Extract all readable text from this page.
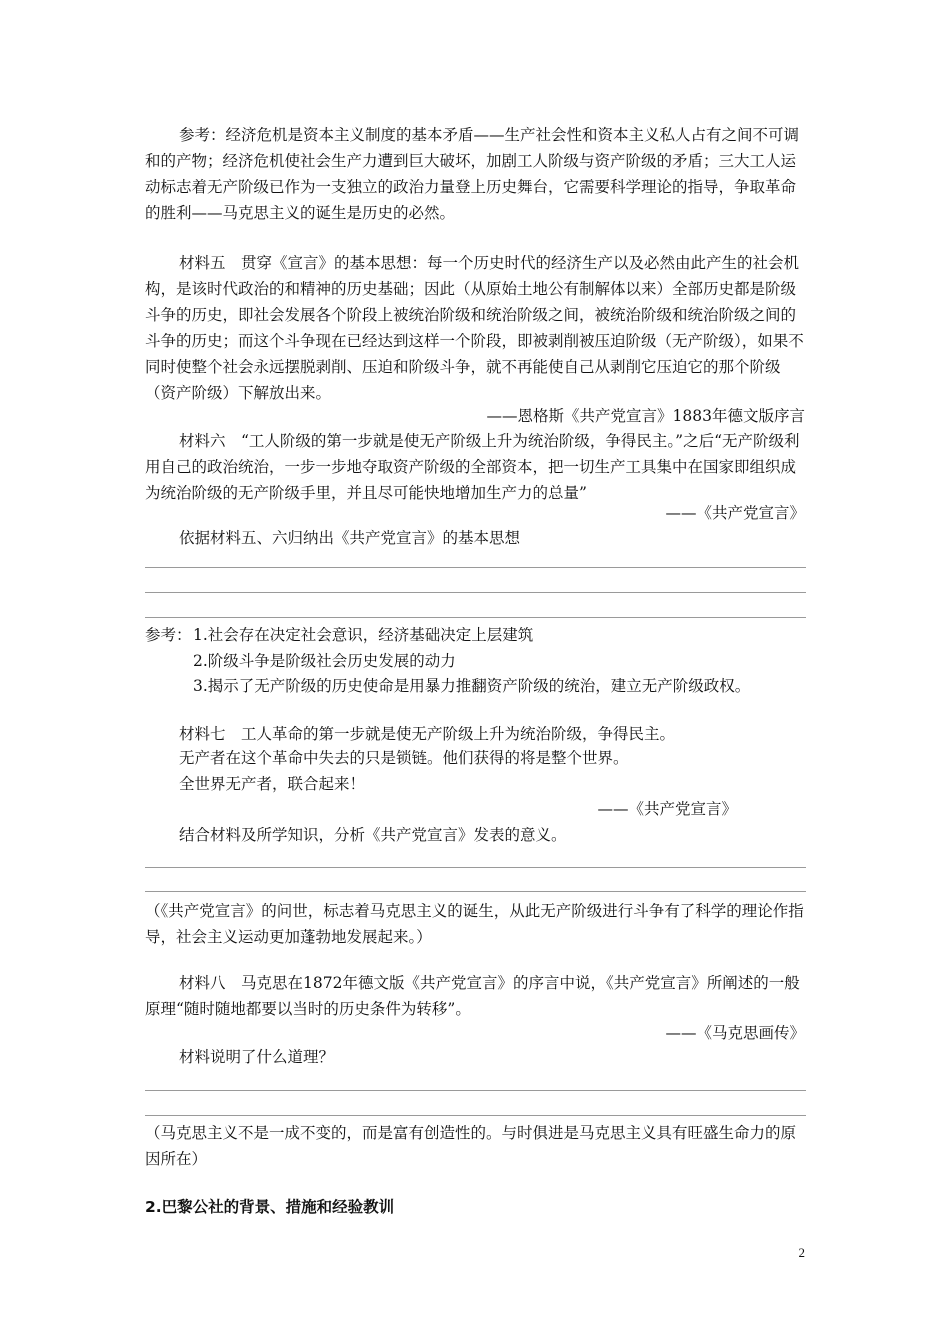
参考：经济危机是资本主义制度的基本矛盾——生产社会性和资本主义私人占有之间不可调和的产物；经济危机使社会生产力遭到巨大破坏，加剧工人阶级与资产阶级的矛盾；三大工人运动标志着无产阶级已作为一支独立的政治力量登上历史舞台，它需要科学理论的指导，争取革命的胜利——马克思主义的诞生是历史的必然。

材料五　贯穿《宣言》的基本思想：每一个历史时代的经济生产以及必然由此产生的社会机构，是该时代政治的和精神的历史基础；因此（从原始土地公有制解体以来）全部历史都是阶级斗争的历史，即社会发展各个阶段上被统治阶级和统治阶级之间，被统治阶级和统治阶级之间的斗争的历史；而这个斗争现在已经达到这样一个阶段，即被剥削被压迫阶级（无产阶级），如果不同时使整个社会永远摆脱剥削、压迫和阶级斗争，就不再能使自己从剥削它压迫它的那个阶级（资产阶级）下解放出来。

——恩格斯《共产党宣言》1883年德文版序言

材料六　“工人阶级的第一步就是使无产阶级上升为统治阶级，争得民主。”之后“无产阶级利用自己的政治统治，一步一步地夺取资产阶级的全部资本，把一切生产工具集中在国家即组织成为统治阶级的无产阶级手里，并且尽可能快地增加生产力的总量”

——《共产党宣言》
依据材料五、六归纳出《共产党宣言》的基本思想
参考： 1.社会存在决定社会意识，经济基础决定上层建筑
2.阶级斗争是阶级社会历史发展的动力
3.揭示了无产阶级的历史使命是用暴力推翻资产阶级的统治，建立无产阶级政权。
材料七　工人革命的第一步就是使无产阶级上升为统治阶级，争得民主。
无产者在这个革命中失去的只是锁链。他们获得的将是整个世界。
全世界无产者，联合起来！
——《共产党宣言》
结合材料及所学知识，分析《共产党宣言》发表的意义。

（《共产党宣言》的问世，标志着马克思主义的诞生，从此无产阶级进行斗争有了科学的理论作指导，社会主义运动更加蓬勃地发展起来。）

材料八　马克思在1872年德文版《共产党宣言》的序言中说，《共产党宣言》所阐述的一般原理“随时随地都要以当时的历史条件为转移”。

——《马克思画传》
材料说明了什么道理？

（马克思主义不是一成不变的，而是富有创造性的。与时俱进是马克思主义具有旺盛生命力的原因所在）

2.巴黎公社的背景、措施和经验教训
2
